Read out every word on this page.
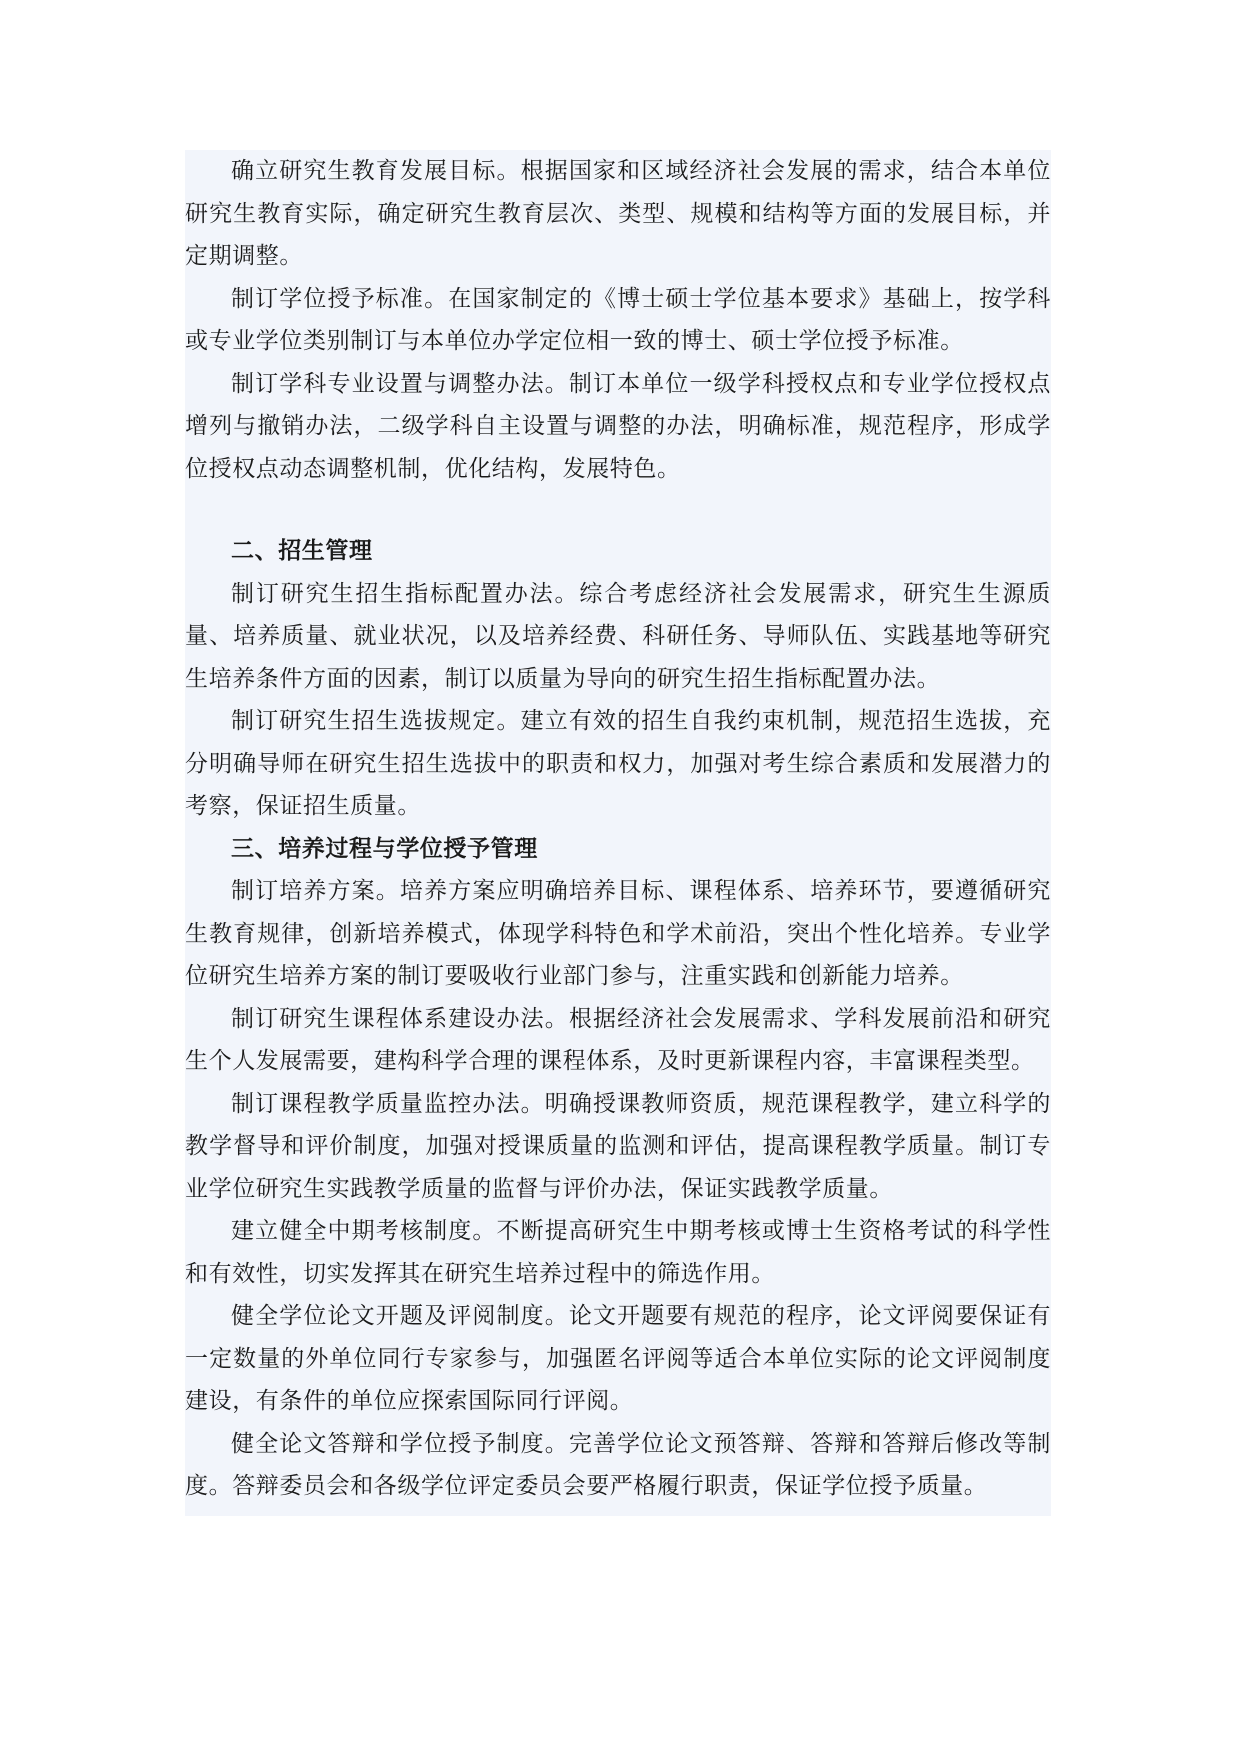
确立研究生教育发展目标。根据国家和区域经济社会发展的需求，结合本单位研究生教育实际，确定研究生教育层次、类型、规模和结构等方面的发展目标，并定期调整。

制订学位授予标准。在国家制定的《博士硕士学位基本要求》基础上，按学科或专业学位类别制订与本单位办学定位相一致的博士、硕士学位授予标准。

制订学科专业设置与调整办法。制订本单位一级学科授权点和专业学位授权点增列与撤销办法，二级学科自主设置与调整的办法，明确标准，规范程序，形成学位授权点动态调整机制，优化结构，发展特色。

二、招生管理

制订研究生招生指标配置办法。综合考虑经济社会发展需求，研究生生源质量、培养质量、就业状况，以及培养经费、科研任务、导师队伍、实践基地等研究生培养条件方面的因素，制订以质量为导向的研究生招生指标配置办法。

制订研究生招生选拔规定。建立有效的招生自我约束机制，规范招生选拔，充分明确导师在研究生招生选拔中的职责和权力，加强对考生综合素质和发展潜力的考察，保证招生质量。

三、培养过程与学位授予管理

制订培养方案。培养方案应明确培养目标、课程体系、培养环节，要遵循研究生教育规律，创新培养模式，体现学科特色和学术前沿，突出个性化培养。专业学位研究生培养方案的制订要吸收行业部门参与，注重实践和创新能力培养。

制订研究生课程体系建设办法。根据经济社会发展需求、学科发展前沿和研究生个人发展需要，建构科学合理的课程体系，及时更新课程内容，丰富课程类型。

制订课程教学质量监控办法。明确授课教师资质，规范课程教学，建立科学的教学督导和评价制度，加强对授课质量的监测和评估，提高课程教学质量。制订专业学位研究生实践教学质量的监督与评价办法，保证实践教学质量。

建立健全中期考核制度。不断提高研究生中期考核或博士生资格考试的科学性和有效性，切实发挥其在研究生培养过程中的筛选作用。

健全学位论文开题及评阅制度。论文开题要有规范的程序，论文评阅要保证有一定数量的外单位同行专家参与，加强匿名评阅等适合本单位实际的论文评阅制度建设，有条件的单位应探索国际同行评阅。

健全论文答辩和学位授予制度。完善学位论文预答辩、答辩和答辩后修改等制度。答辩委员会和各级学位评定委员会要严格履行职责，保证学位授予质量。
